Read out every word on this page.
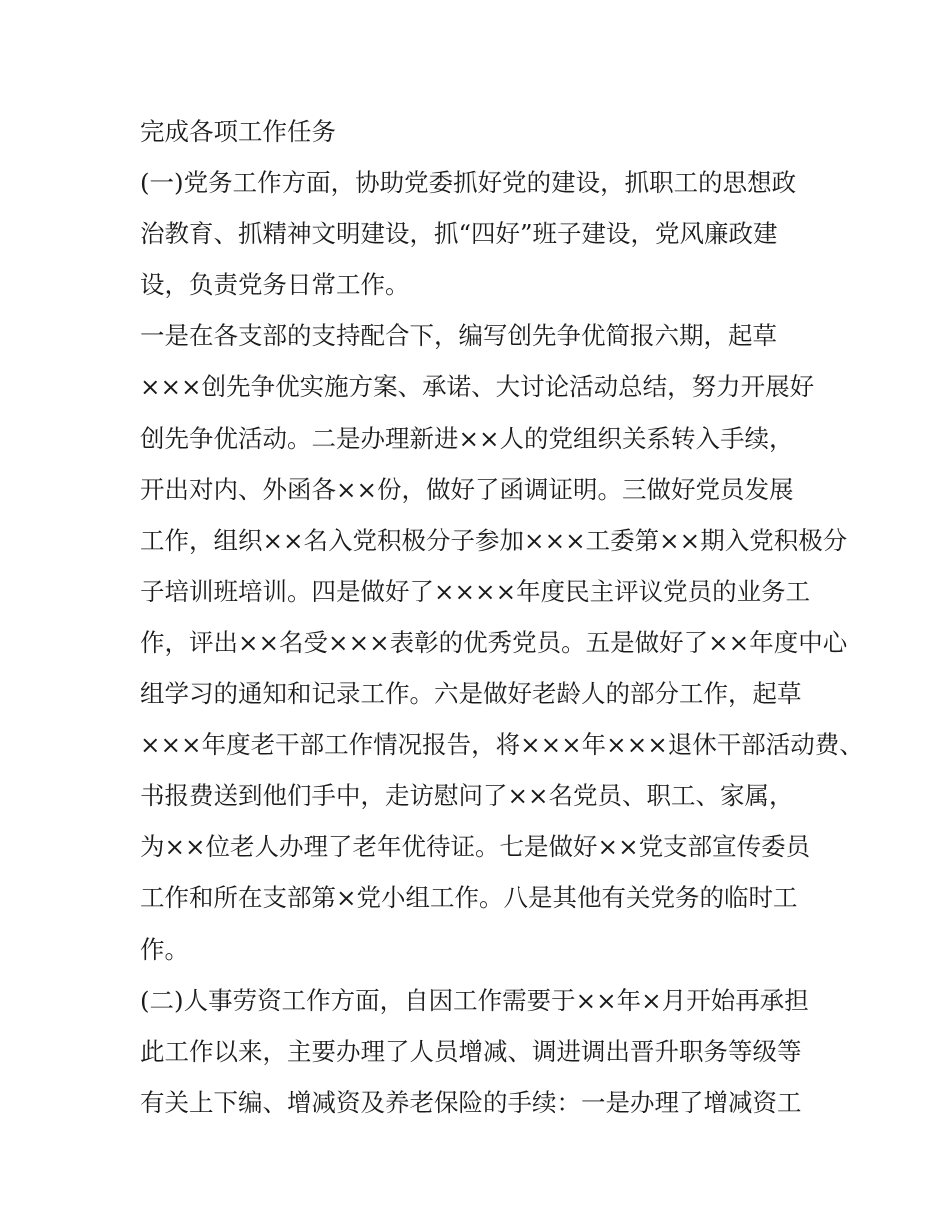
完成各项工作任务
(一)党务工作方面，协助党委抓好党的建设，抓职工的思想政
治教育、抓精神文明建设，抓“四好”班子建设，党风廉政建
设，负责党务日常工作。
一是在各支部的支持配合下，编写创先争优简报六期，起草
×××创先争优实施方案、承诺、大讨论活动总结，努力开展好
创先争优活动。二是办理新进××人的党组织关系转入手续，
开出对内、外函各××份，做好了函调证明。三做好党员发展
工作，组织××名入党积极分子参加×××工委第××期入党积极分
子培训班培训。四是做好了××××年度民主评议党员的业务工
作，评出××名受×××表彰的优秀党员。五是做好了××年度中心
组学习的通知和记录工作。六是做好老龄人的部分工作，起草
×××年度老干部工作情况报告，将×××年×××退休干部活动费、
书报费送到他们手中，走访慰问了××名党员、职工、家属，
为××位老人办理了老年优待证。七是做好××党支部宣传委员
工作和所在支部第×党小组工作。八是其他有关党务的临时工
作。
(二)人事劳资工作方面，自因工作需要于××年×月开始再承担
此工作以来，主要办理了人员增减、调进调出晋升职务等级等
有关上下编、增减资及养老保险的手续：一是办理了增减资工
